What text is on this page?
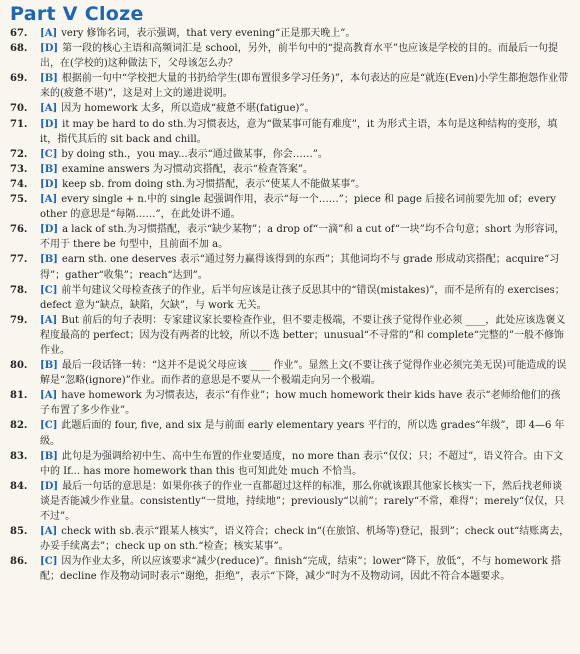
Part V Cloze
67.	[A] very 修饰名词，表示强调，that very evening“正是那天晚上”。
68.	[D] 第一段的核心主语和高频词汇是 school，另外，前半句中的“提高教育水平”也应该是学校的目的。而最后一句提出，在(学校的)这种做法下，父母该怎么办？
69.	[B] 根据前一句中“学校把大量的书扔给学生(即布置很多学习任务)”，本句表达的应是“就连(Even)小学生都抱怨作业带来的(疲惫不堪)”，这是对上文的递进说明。
70.	[A] 因为 homework 太多，所以造成“疲惫不堪(fatigue)”。
71.	[D] it may be hard to do sth.为习惯表达，意为“做某事可能有难度”，it 为形式主语，本句是这种结构的变形，填 it，指代其后的 sit back and chill。
72.	[C] by doing sth.，you may...表示“通过做某事，你会……”。
73.	[B] examine answers 为习惯动宾搭配，表示“检查答案”。
74.	[D] keep sb. from doing sth.为习惯搭配，表示“使某人不能做某事”。
75.	[A] every single + n.中的 single 起强调作用，表示“每一个……”；piece 和 page 后接名词前要先加 of；every other 的意思是“每隔……”，在此处讲不通。
76.	[D] a lack of sth.为习惯搭配，表示“缺少某物”；a drop of“一滴”和 a cut of“一块”均不合句意；short 为形容词，不用于 there be 句型中，且前面不加 a。
77.	[B] earn sth. one deserves 表示“通过努力赢得该得到的东西”；其他词均不与 grade 形成动宾搭配；acquire“习得”；gather“收集”；reach“达到”。
78.	[C] 前半句建议父母检查孩子的作业，后半句应该是让孩子反思其中的“错误(mistakes)”，而不是所有的 exercises；defect 意为“缺点，缺陷，欠缺”，与 work 无关。
79.	[A] But 前后的句子表明：专家建议家长要检查作业，但不要走极端，不要让孩子觉得作业必须 ____，此处应该选褒义程度最高的 perfect；因为没有两者的比较，所以不选 better；unusual“不寻常的”和 complete“完整的”一般不修饰作业。
80.	[B] 最后一段话锋一转：“这并不是说父母应该 ____ 作业”。显然上文(不要让孩子觉得作业必须完美无误)可能造成的误解是“忽略(ignore)”作业。而作者的意思是不要从一个极端走向另一个极端。
81.	[A] have homework 为习惯表达，表示“有作业”；how much homework their kids have 表示“老师给他们的孩子布置了多少作业”。
82.	[C] 此题后面的 four, five, and six 是与前面 early elementary years 平行的，所以选 grades“年级”，即 4—6 年级。
83.	[B] 此句是为强调给初中生、高中生布置的作业要适度，no more than 表示“仅仅；只；不超过”，语义符合。由下文中的 If... has more homework than this 也可知此处 much 不恰当。
84.	[D] 最后一句话的意思是：如果你孩子的作业一直都超过这样的标准，那么你就该跟其他家长核实一下，然后找老师谈谈是否能减少作业量。consistently“一贯地，持续地”；previously“以前”；rarely“不常，难得”；merely“仅仅，只不过”。
85.	[A] check with sb.表示“跟某人核实”，语义符合；check in“(在旅馆、机场等)登记，报到”；check out“结账离去，办妥手续离去”；check up on sth.“检查；核实某事”。
86.	[C] 因为作业太多，所以应该要求“减少(reduce)”。finish“完成，结束”；lower“降下，放低”，不与 homework 搭配；decline 作及物动词时表示“谢绝，拒绝”，表示“下降，减少”时为不及物动词，因此不符合本题要求。
